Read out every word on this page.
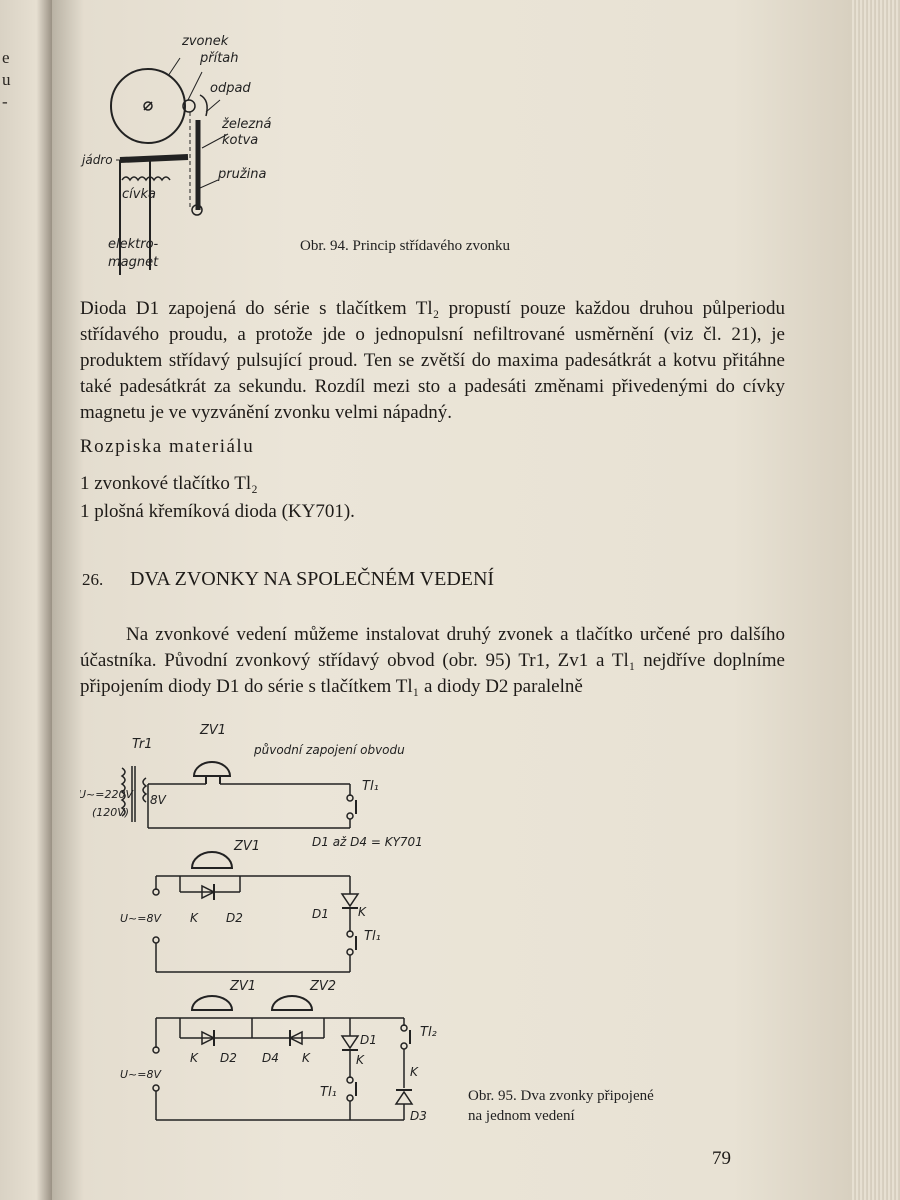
e
u
-
zvonek
přítah
odpad
železná
kotva
jádro
pružina
cívka
elektro-
magnet
Obr. 94. Princip střídavého zvonku

Dioda D1 zapojená do série s tlačítkem Tl₂ propustí pouze každou druhou půlperiodu střídavého proudu, a protože jde o jednopulsní nefiltrované usměrnění (viz čl. 21), je produktem střídavý pulsující proud. Ten se zvětší do maxima padesátkrát a kotvu přitáhne také padesátkrát za sekundu. Rozdíl mezi sto a padesáti změnami přivedenými do cívky magnetu je ve vyzvánění zvonku velmi nápadný.

Rozpiska materiálu
1 zvonkové tlačítko Tl₂
1 plošná křemíková dioda (KY701).
26. DVA ZVONKY NA SPOLEČNÉM VEDENÍ

Na zvonkové vedení můžeme instalovat druhý zvonek a tlačítko určené pro dalšího účastníka. Původní zvonkový střídavý obvod (obr. 95) Tr1, Zv1 a Tl₁ nejdříve doplníme připojením diody D1 do série s tlačítkem Tl₁ a diody D2 paralelně

Tr1
ZV1
původní zapojení obvodu
Tl₁
U~=220V
(120V)
8V
ZV1	D1 až D4 = KY701
K D2
U~=8V	D1 K
Tl₁
ZV1	ZV2
K D2 D4 K
U~=8V
D1
K
Tl₁
Tl₂
K
D3
Obr. 95. Dva zvonky připojené
na jednom vedení
79
